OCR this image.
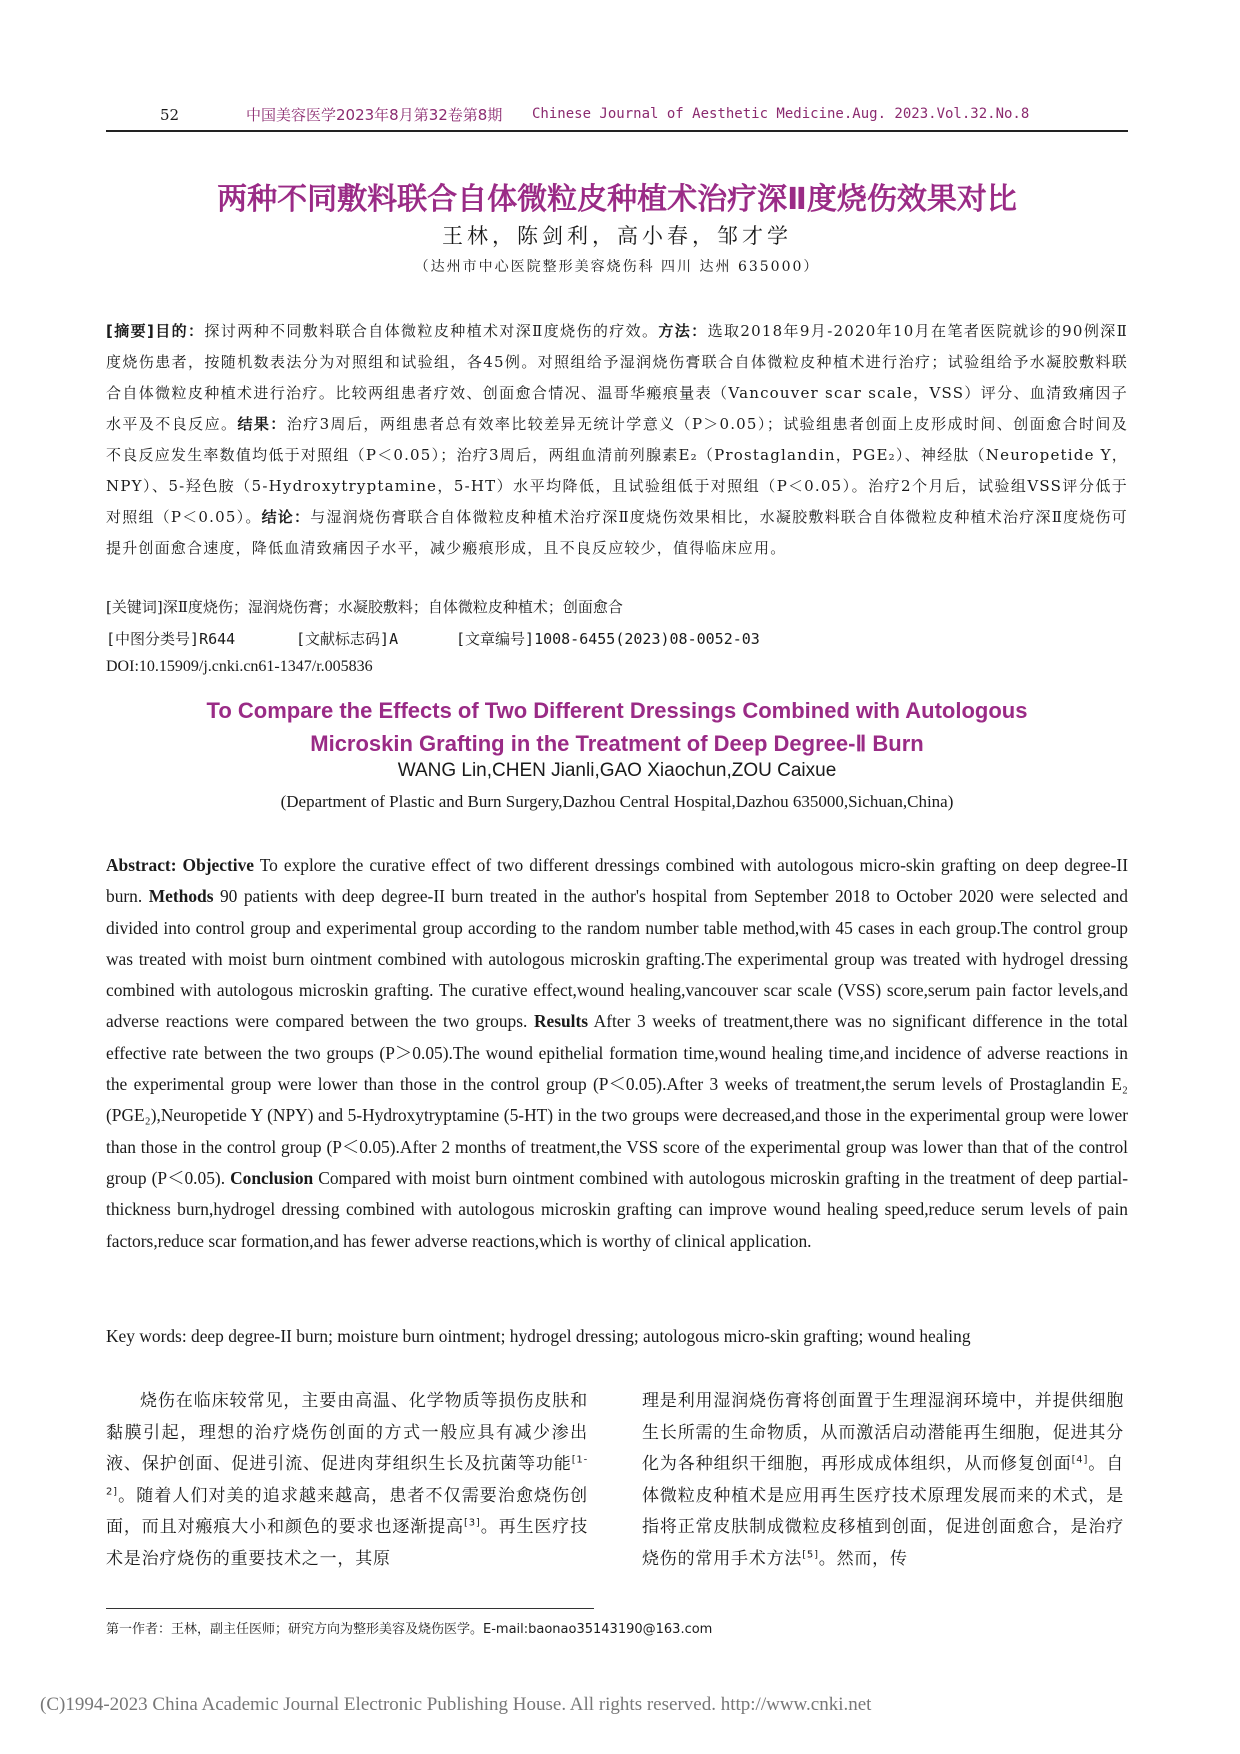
52	中国美容医学2023年8月第32卷第8期 Chinese Journal of Aesthetic Medicine.Aug. 2023.Vol.32.No.8
两种不同敷料联合自体微粒皮种植术治疗深Ⅱ度烧伤效果对比
王林，陈剑利，高小春，邹才学
（达州市中心医院整形美容烧伤科 四川 达州 635000）
[摘要]目的：探讨两种不同敷料联合自体微粒皮种植术对深Ⅱ度烧伤的疗效。方法：选取2018年9月-2020年10月在笔者医院就诊的90例深Ⅱ度烧伤患者，按随机数表法分为对照组和试验组，各45例。对照组给予湿润烧伤膏联合自体微粒皮种植术进行治疗；试验组给予水凝胶敷料联合自体微粒皮种植术进行治疗。比较两组患者疗效、创面愈合情况、温哥华瘢痕量表（Vancouver scar scale，VSS）评分、血清致痛因子水平及不良反应。结果：治疗3周后，两组患者总有效率比较差异无统计学意义（P＞0.05）；试验组患者创面上皮形成时间、创面愈合时间及不良反应发生率数值均低于对照组（P＜0.05）；治疗3周后，两组血清前列腺素E₂（Prostaglandin，PGE₂）、神经肽（Neuropetide Y，NPY）、5-羟色胺（5-Hydroxytryptamine，5-HT）水平均降低，且试验组低于对照组（P＜0.05）。治疗2个月后，试验组VSS评分低于对照组（P＜0.05）。结论：与湿润烧伤膏联合自体微粒皮种植术治疗深Ⅱ度烧伤效果相比，水凝胶敷料联合自体微粒皮种植术治疗深Ⅱ度烧伤可提升创面愈合速度，降低血清致痛因子水平，减少瘢痕形成，且不良反应较少，值得临床应用。
[关键词]深Ⅱ度烧伤；湿润烧伤膏；水凝胶敷料；自体微粒皮种植术；创面愈合
[中图分类号]R644	[文献标志码]A	[文章编号]1008-6455(2023)08-0052-03
DOI:10.15909/j.cnki.cn61-1347/r.005836
To Compare the Effects of Two Different Dressings Combined with Autologous
Microskin Grafting in the Treatment of Deep Degree-Ⅱ Burn
WANG Lin,CHEN Jianli,GAO Xiaochun,ZOU Caixue
(Department of Plastic and Burn Surgery,Dazhou Central Hospital,Dazhou 635000,Sichuan,China)
Abstract: Objective To explore the curative effect of two different dressings combined with autologous micro-skin grafting on deep degree-II burn. Methods 90 patients with deep degree-II burn treated in the author's hospital from September 2018 to October 2020 were selected and divided into control group and experimental group according to the random number table method,with 45 cases in each group.The control group was treated with moist burn ointment combined with autologous microskin grafting.The experimental group was treated with hydrogel dressing combined with autologous microskin grafting. The curative effect,wound healing,vancouver scar scale (VSS) score,serum pain factor levels,and adverse reactions were compared between the two groups. Results After 3 weeks of treatment,there was no significant difference in the total effective rate between the two groups (P＞0.05).The wound epithelial formation time,wound healing time,and incidence of adverse reactions in the experimental group were lower than those in the control group (P＜0.05).After 3 weeks of treatment,the serum levels of Prostaglandin E₂ (PGE₂),Neuropetide Y (NPY) and 5-Hydroxytryptamine (5-HT) in the two groups were decreased,and those in the experimental group were lower than those in the control group (P＜0.05).After 2 months of treatment,the VSS score of the experimental group was lower than that of the control group (P＜0.05). Conclusion Compared with moist burn ointment combined with autologous microskin grafting in the treatment of deep partial-thickness burn,hydrogel dressing combined with autologous microskin grafting can improve wound healing speed,reduce serum levels of pain factors,reduce scar formation,and has fewer adverse reactions,which is worthy of clinical application.
Key words: deep degree-II burn; moisture burn ointment; hydrogel dressing; autologous micro-skin grafting; wound healing
烧伤在临床较常见，主要由高温、化学物质等损伤皮肤和黏膜引起，理想的治疗烧伤创面的方式一般应具有减少渗出液、保护创面、促进引流、促进肉芽组织生长及抗菌等功能[1-2]。随着人们对美的追求越来越高，患者不仅需要治愈烧伤创面，而且对瘢痕大小和颜色的要求也逐渐提高[3]。再生医疗技术是治疗烧伤的重要技术之一，其原
理是利用湿润烧伤膏将创面置于生理湿润环境中，并提供细胞生长所需的生命物质，从而激活启动潜能再生细胞，促进其分化为各种组织干细胞，再形成成体组织，从而修复创面[4]。自体微粒皮种植术是应用再生医疗技术原理发展而来的术式，是指将正常皮肤制成微粒皮移植到创面，促进创面愈合，是治疗烧伤的常用手术方法[5]。然而，传
第一作者：王林，副主任医师；研究方向为整形美容及烧伤医学。E-mail:baonao35143190@163.com
(C)1994-2023 China Academic Journal Electronic Publishing House. All rights reserved. http://www.cnki.net
